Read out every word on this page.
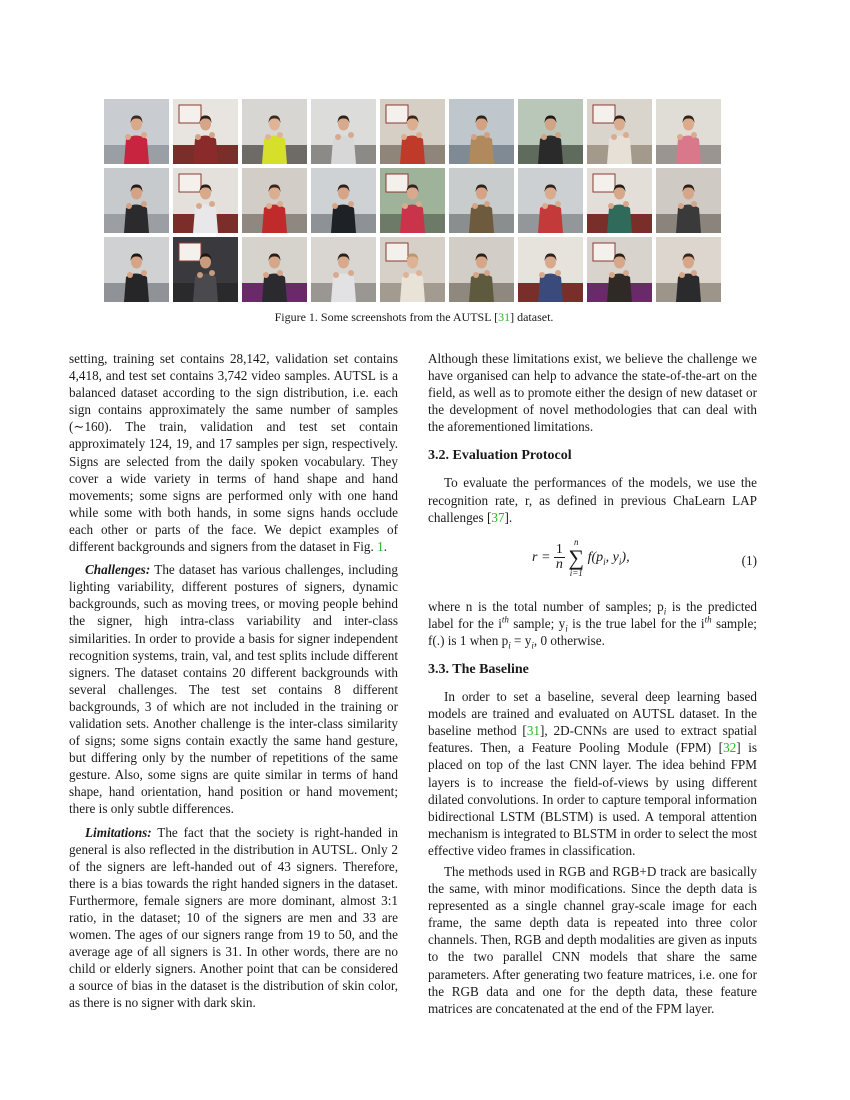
Figure 1. Some screenshots from the AUTSL [31] dataset.

setting, training set contains 28,142, validation set contains 4,418, and test set contains 3,742 video samples. AUTSL is a balanced dataset according to the sign distribution, i.e. each sign contains approximately the same number of samples (∼160). The train, validation and test set contain approximately 124, 19, and 17 samples per sign, respectively. Signs are selected from the daily spoken vocabulary. They cover a wide variety in terms of hand shape and hand movements; some signs are performed only with one hand while some with both hands, in some signs hands occlude each other or parts of the face. We depict examples of different backgrounds and signers from the dataset in Fig. 1.

Challenges: The dataset has various challenges, including lighting variability, different postures of signers, dynamic backgrounds, such as moving trees, or moving people behind the signer, high intra-class variability and inter-class similarities. In order to provide a basis for signer independent recognition systems, train, val, and test splits include different signers. The dataset contains 20 different backgrounds with several challenges. The test set contains 8 different backgrounds, 3 of which are not included in the training or validation sets. Another challenge is the inter-class similarity of signs; some signs contain exactly the same hand gesture, but differing only by the number of repetitions of the same gesture. Also, some signs are quite similar in terms of hand shape, hand orientation, hand position or hand movement; there is only subtle differences.

Limitations: The fact that the society is right-handed in general is also reflected in the distribution in AUTSL. Only 2 of the signers are left-handed out of 43 signers. Therefore, there is a bias towards the right handed signers in the dataset. Furthermore, female signers are more dominant, almost 3:1 ratio, in the dataset; 10 of the signers are men and 33 are women. The ages of our signers range from 19 to 50, and the average age of all signers is 31. In other words, there are no child or elderly signers. Another point that can be considered a source of bias in the dataset is the distribution of skin color, as there is no signer with dark skin.

Although these limitations exist, we believe the challenge we have organised can help to advance the state-of-the-art on the field, as well as to promote either the design of new dataset or the development of novel methodologies that can deal with the aforementioned limitations.

3.2. Evaluation Protocol

To evaluate the performances of the models, we use the recognition rate, r, as defined in previous ChaLearn LAP challenges [37].

$r = \frac{1}{n}$

n
∑
i=1
$f(p_i$, $y_i$),	(1)

where n is the total number of samples; $p_i$ is the predicted label for the $i^{th}$ sample; $y_i$ is the true label for the $i^{th}$ sample; f(.) is 1 when $p_i = y_i$, 0 otherwise.

3.3. The Baseline

In order to set a baseline, several deep learning based models are trained and evaluated on AUTSL dataset. In the baseline method [31], 2D-CNNs are used to extract spatial features. Then, a Feature Pooling Module (FPM) [32] is placed on top of the last CNN layer. The idea behind FPM layers is to increase the field-of-views by using different dilated convolutions. In order to capture temporal information bidirectional LSTM (BLSTM) is used. A temporal attention mechanism is integrated to BLSTM in order to select the most effective video frames in classification.

The methods used in RGB and RGB+D track are basically the same, with minor modifications. Since the depth data is represented as a single channel gray-scale image for each frame, the same depth data is repeated into three color channels. Then, RGB and depth modalities are given as inputs to the two parallel CNN models that share the same parameters. After generating two feature matrices, i.e. one for the RGB data and one for the depth data, these feature matrices are concatenated at the end of the FPM layer.
